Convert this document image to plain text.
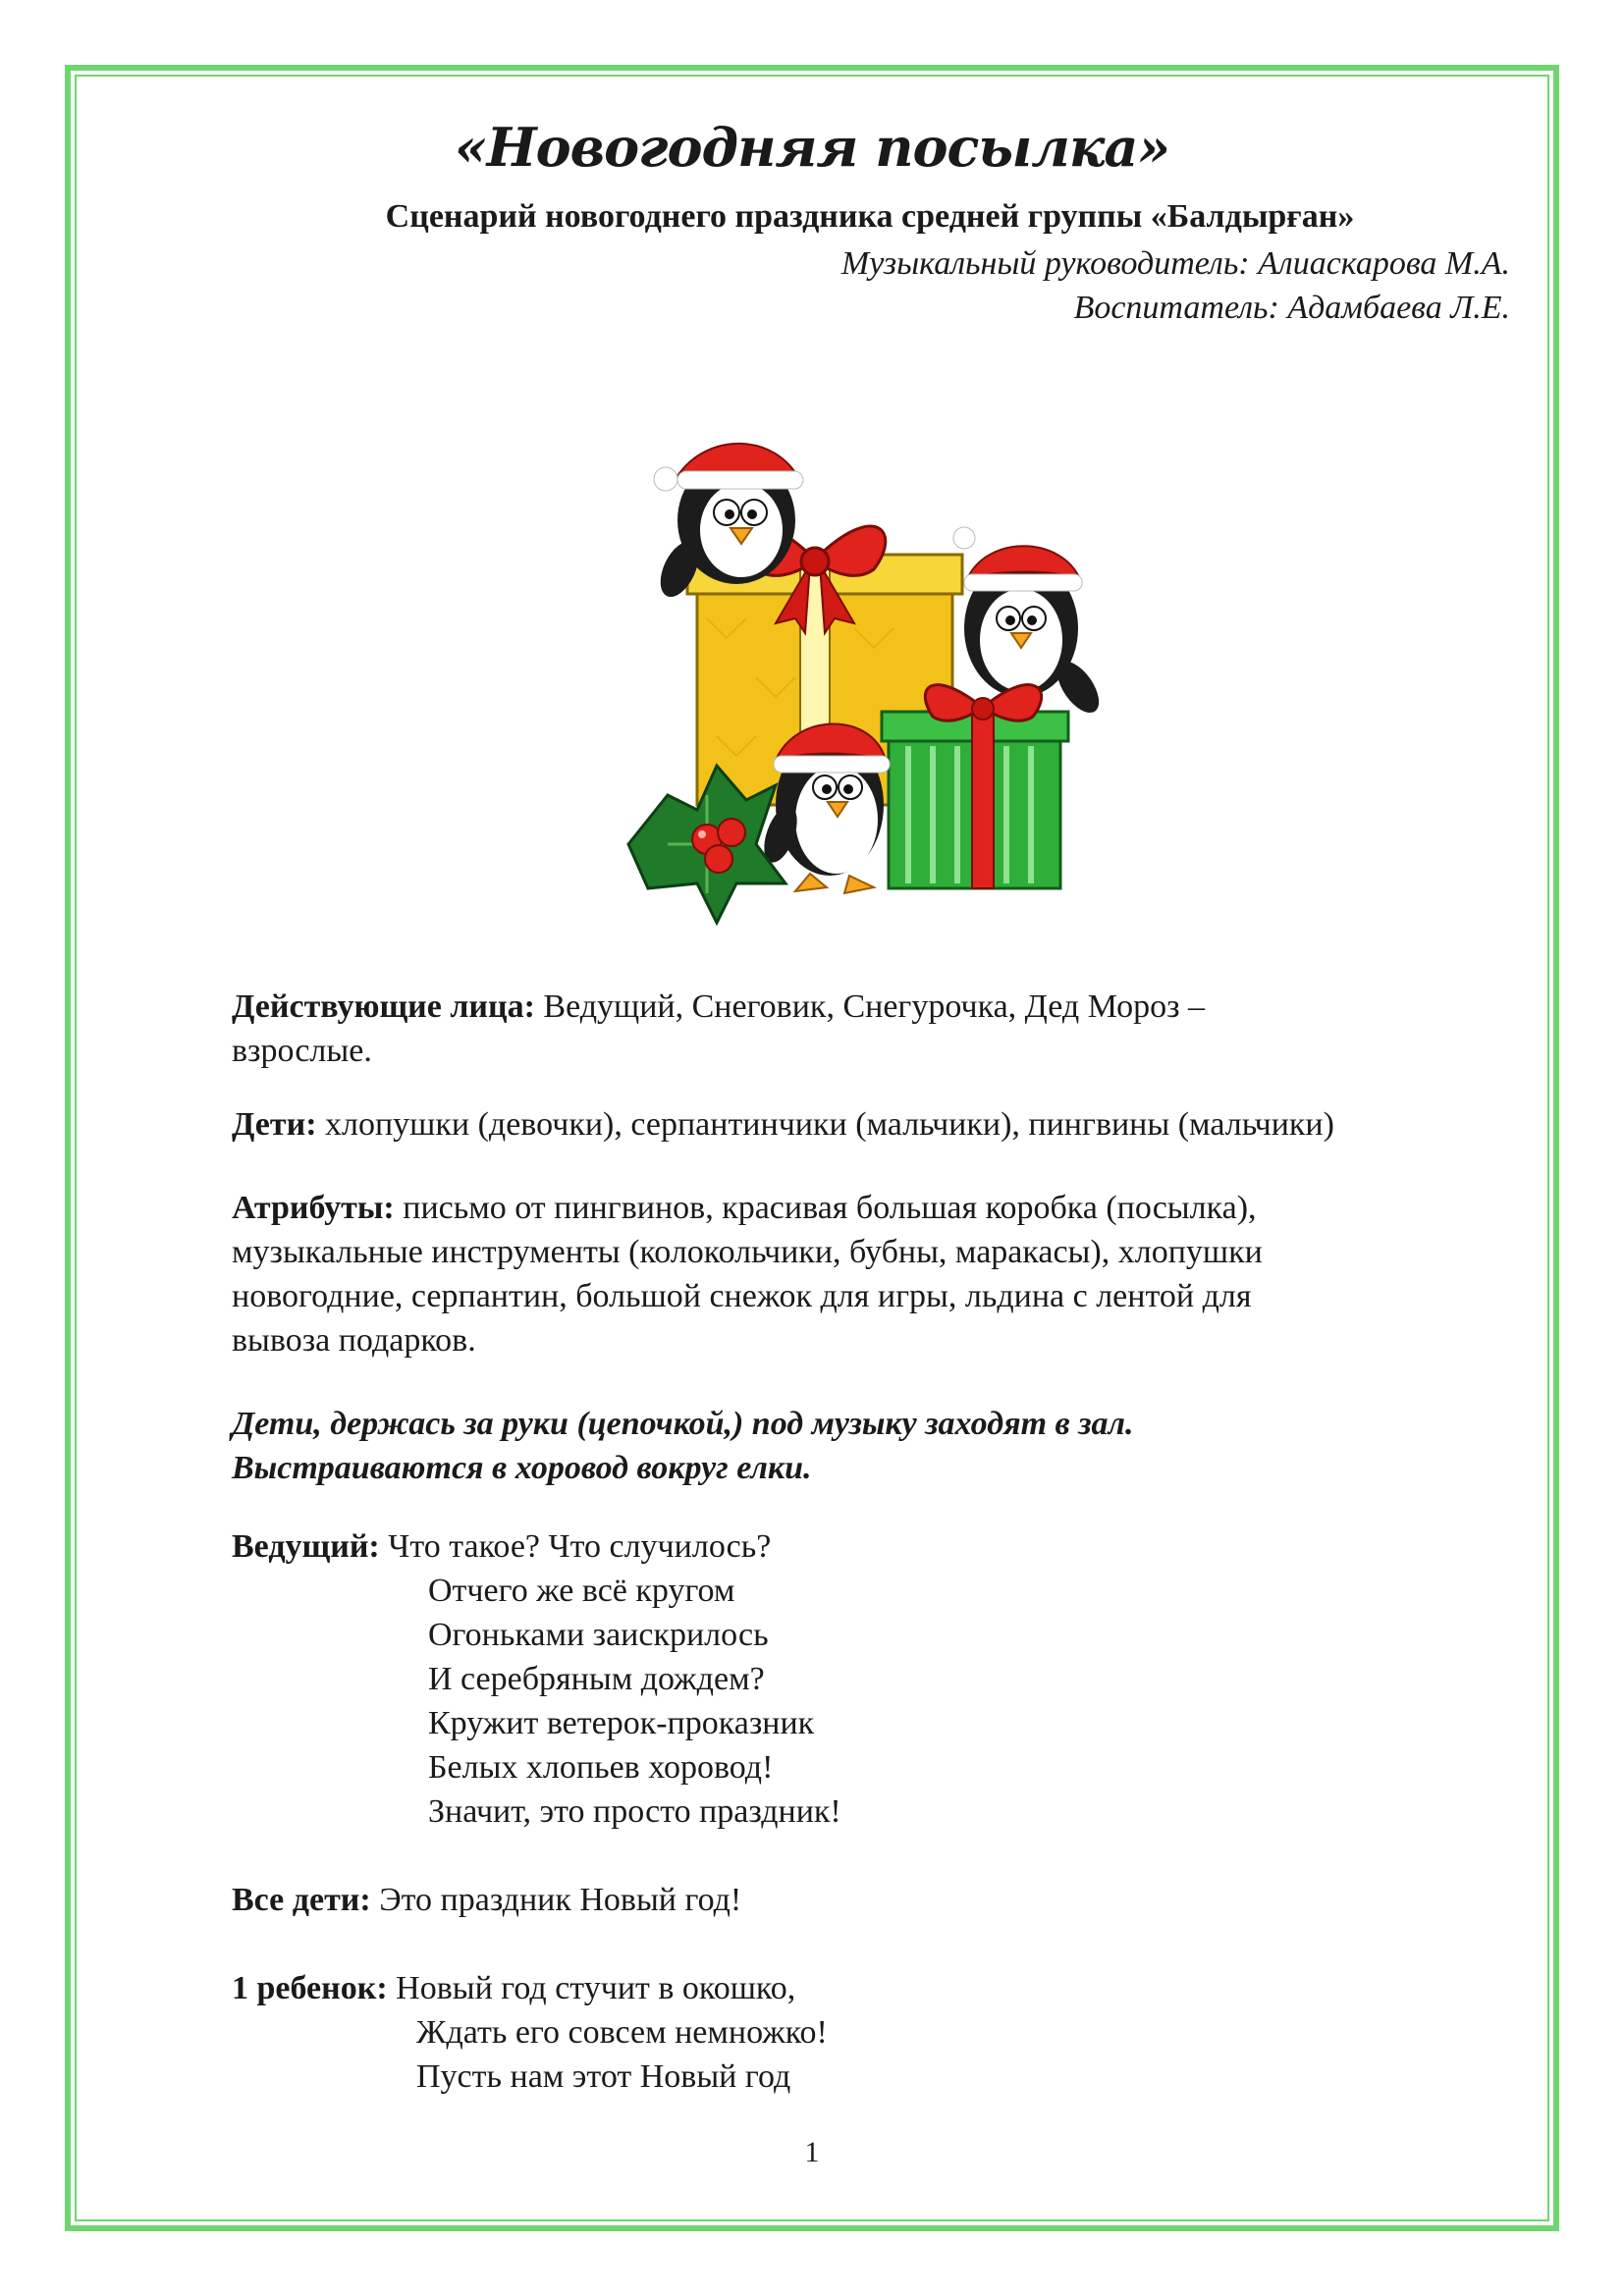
«Новогодняя посылка»
Сценарий новогоднего праздника средней группы «Балдырған»
Музыкальный руководитель: Алиаскарова М.А.
Воспитатель: Адамбаева Л.Е.
Действующие лица: Ведущий, Снеговик, Снегурочка, Дед Мороз –
взрослые.
Дети: хлопушки (девочки), серпантинчики (мальчики), пингвины (мальчики)
Атрибуты: письмо от пингвинов, красивая большая коробка (посылка),
музыкальные инструменты (колокольчики, бубны, маракасы), хлопушки
новогодние, серпантин, большой снежок для игры, льдина с лентой для
вывоза подарков.
Дети, держась за руки (цепочкой,) под музыку заходят в зал.
Выстраиваются в хоровод вокруг елки.
Ведущий: Что такое? Что случилось?
Отчего же всё кругом
Огоньками заискрилось
И серебряным дождем?
Кружит ветерок-проказник
Белых хлопьев хоровод!
Значит, это просто праздник!
Все дети: Это праздник Новый год!
1 ребенок: Новый год стучит в окошко,
Ждать его совсем немножко!
Пусть нам этот Новый год
1
